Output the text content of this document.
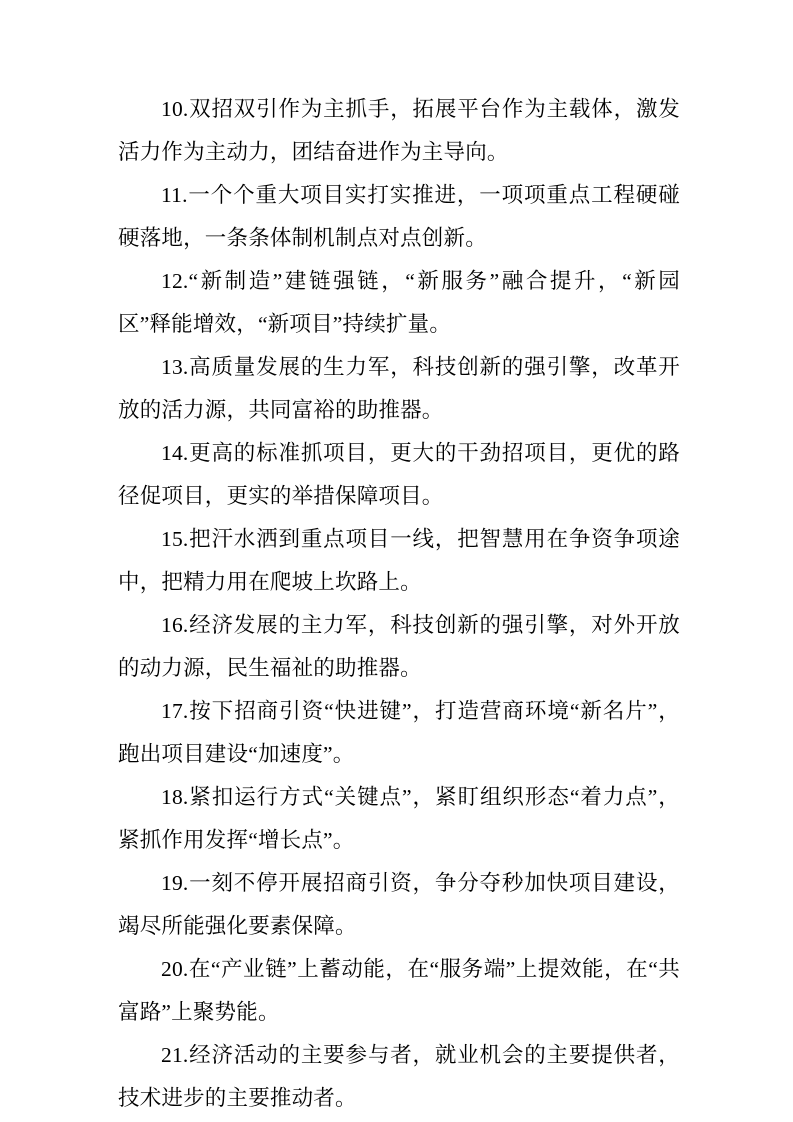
10.双招双引作为主抓手，拓展平台作为主载体，激发活力作为主动力，团结奋进作为主导向。

11.一个个重大项目实打实推进，一项项重点工程硬碰硬落地，一条条体制机制点对点创新。

12.“新制造”建链强链，“新服务”融合提升，“新园区”释能增效，“新项目”持续扩量。

13.高质量发展的生力军，科技创新的强引擎，改革开放的活力源，共同富裕的助推器。

14.更高的标准抓项目，更大的干劲招项目，更优的路径促项目，更实的举措保障项目。

15.把汗水洒到重点项目一线，把智慧用在争资争项途中，把精力用在爬坡上坎路上。

16.经济发展的主力军，科技创新的强引擎，对外开放的动力源，民生福祉的助推器。

17.按下招商引资“快进键”，打造营商环境“新名片”，跑出项目建设“加速度”。

18.紧扣运行方式“关键点”，紧盯组织形态“着力点”，紧抓作用发挥“增长点”。

19.一刻不停开展招商引资，争分夺秒加快项目建设，竭尽所能强化要素保障。

20.在“产业链”上蓄动能，在“服务端”上提效能，在“共富路”上聚势能。

21.经济活动的主要参与者，就业机会的主要提供者，技术进步的主要推动者。
